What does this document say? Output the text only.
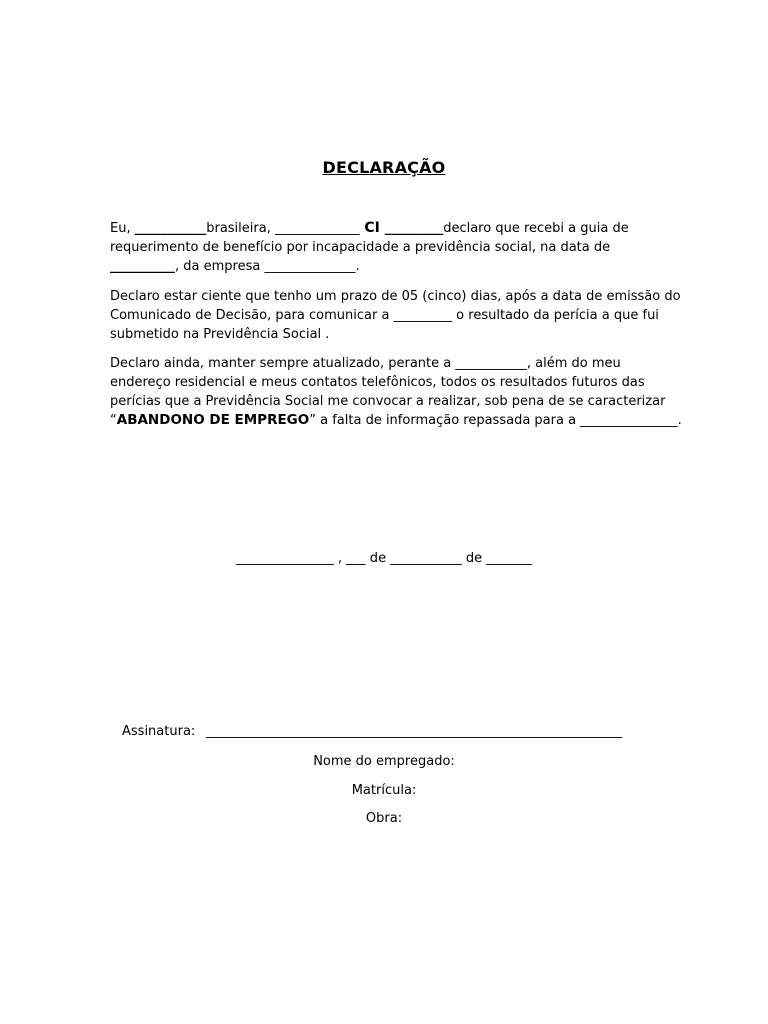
DECLARAÇÃO
Eu, ___________brasileira, _____________ CI _________declaro que recebi a guia de
requerimento de benefício por incapacidade a previdência social, na data de
__________, da empresa ______________.
Declaro estar ciente que tenho um prazo de 05 (cinco) dias, após a data de emissão do
Comunicado de Decisão, para comunicar a _________ o resultado da perícia a que fui
submetido na Previdência Social .
Declaro ainda, manter sempre atualizado, perante a ___________, além do meu
endereço residencial e meus contatos telefônicos, todos os resultados futuros das
perícias que a Previdência Social me convocar a realizar, sob pena de se caracterizar
“ABANDONO DE EMPREGO” a falta de informação repassada para a _______________.
_______________ , ___ de ___________ de _______
Assinatura: ________________________________________________________________
Nome do empregado:
Matrícula:
Obra:
